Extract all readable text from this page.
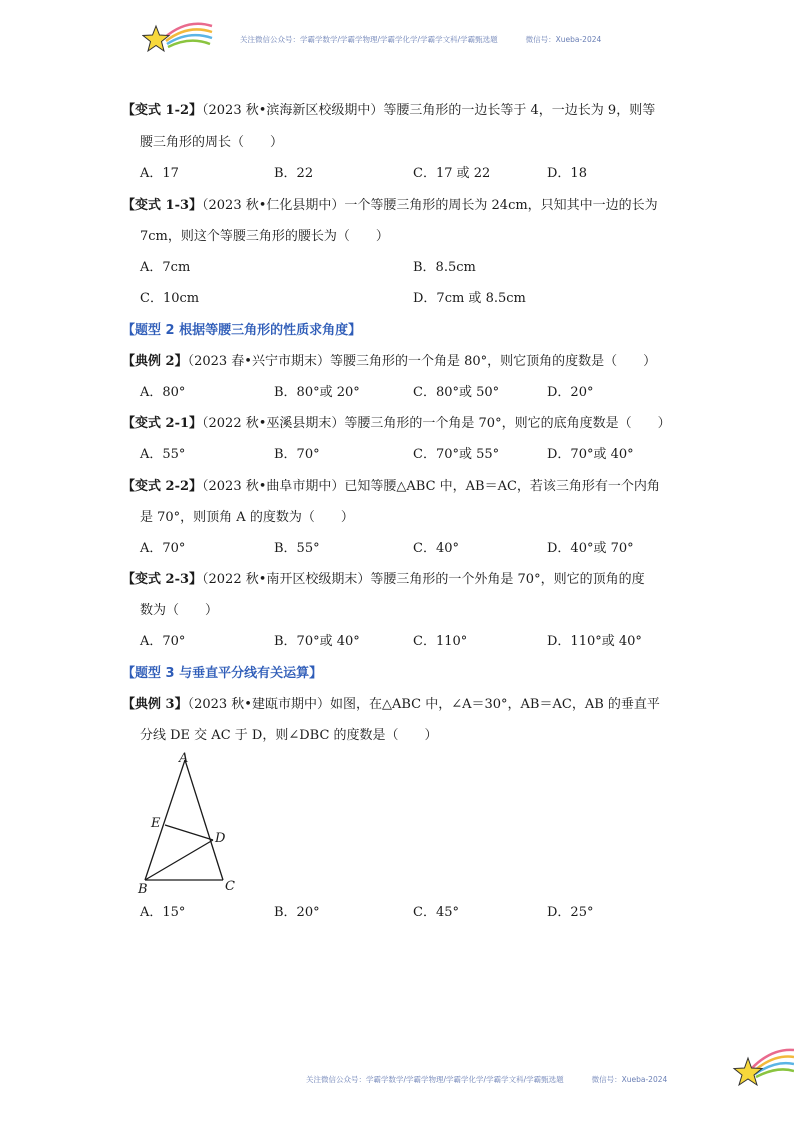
关注微信公众号：学霸学数学/学霸学物理/学霸学化学/学霸学文科/学霸甄选题	微信号：Xueba-2024
【变式 1-2】（2023 秋•滨海新区校级期中）等腰三角形的一边长等于 4，一边长为 9，则等
腰三角形的周长（　　）
A．17	B．22	C．17 或 22	D．18
【变式 1-3】（2023 秋•仁化县期中）一个等腰三角形的周长为 24cm，只知其中一边的长为
7cm，则这个等腰三角形的腰长为（　　）
A．7cm	B．8.5cm
C．10cm	D．7cm 或 8.5cm
【题型 2 根据等腰三角形的性质求角度】
【典例 2】（2023 春•兴宁市期末）等腰三角形的一个角是 80°，则它顶角的度数是（　　）
A．80°	B．80°或 20°	C．80°或 50°	D．20°
【变式 2-1】（2022 秋•巫溪县期末）等腰三角形的一个角是 70°，则它的底角度数是（　　）
A．55°	B．70°	C．70°或 55°	D．70°或 40°
【变式 2-2】（2023 秋•曲阜市期中）已知等腰△ABC 中，AB＝AC，若该三角形有一个内角
是 70°，则顶角 A 的度数为（　　）
A．70°	B．55°	C．40°	D．40°或 70°
【变式 2-3】（2022 秋•南开区校级期末）等腰三角形的一个外角是 70°，则它的顶角的度
数为（　　）
A．70°	B．70°或 40°	C．110°	D．110°或 40°
【题型 3 与垂直平分线有关运算】
【典例 3】（2023 秋•建瓯市期中）如图，在△ABC 中，∠A＝30°，AB＝AC，AB 的垂直平
分线 DE 交 AC 于 D，则∠DBC 的度数是（　　）
A
E
D
B	C
A．15°	B．20°	C．45°	D．25°
关注微信公众号：学霸学数学/学霸学物理/学霸学化学/学霸学文科/学霸甄选题	微信号：Xueba-2024
